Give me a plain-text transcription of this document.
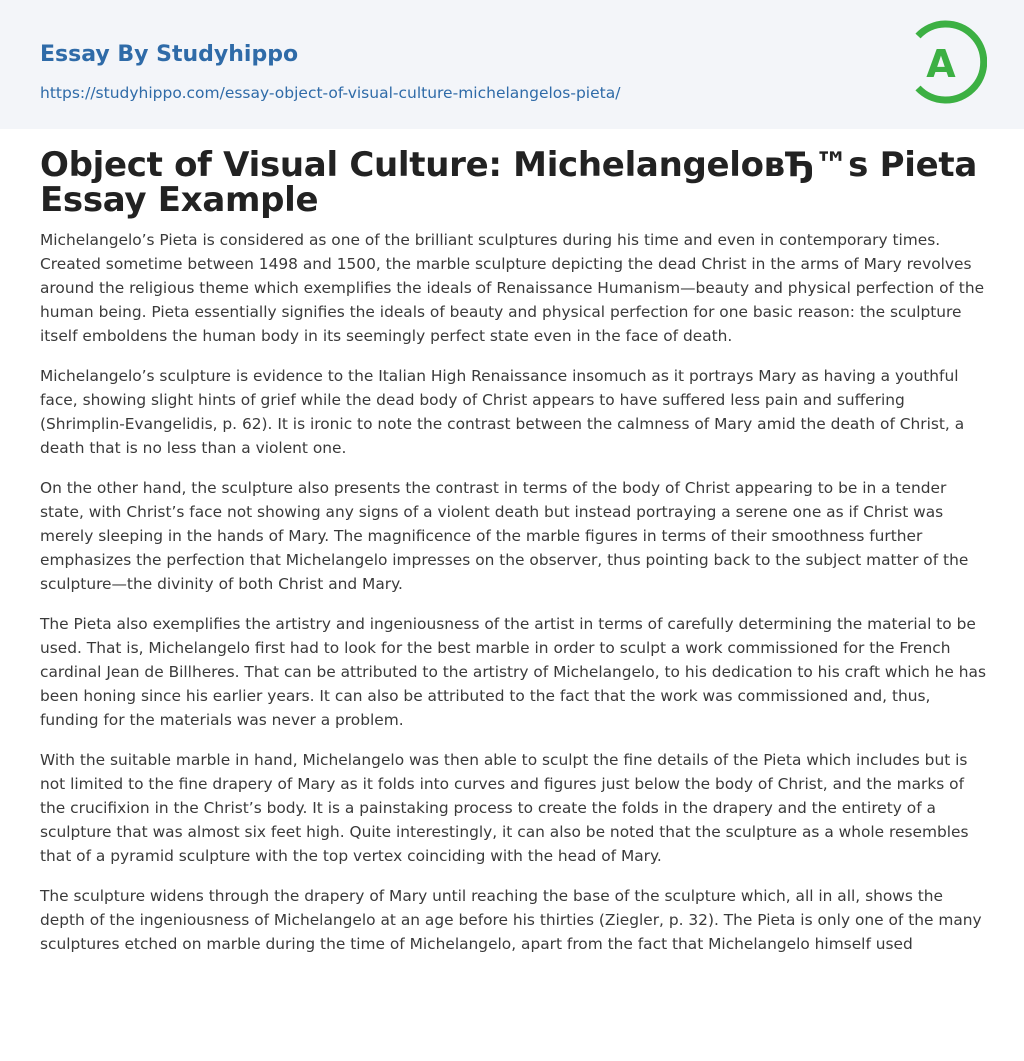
Essay By Studyhippo
https://studyhippo.com/essay-object-of-visual-culture-michelangelos-pieta/
A
Object of Visual Culture: MichelangeloвЂ™s Pieta Essay Example

Michelangelo’s Pieta is considered as one of the brilliant sculptures during his time and even in contemporary times. Created sometime between 1498 and 1500, the marble sculpture depicting the dead Christ in the arms of Mary revolves around the religious theme which exemplifies the ideals of Renaissance Humanism—beauty and physical perfection of the human being. Pieta essentially signifies the ideals of beauty and physical perfection for one basic reason: the sculpture itself emboldens the human body in its seemingly perfect state even in the face of death.

Michelangelo’s sculpture is evidence to the Italian High Renaissance insomuch as it portrays Mary as having a youthful face, showing slight hints of grief while the dead body of Christ appears to have suffered less pain and suffering (Shrimplin-Evangelidis, p. 62). It is ironic to note the contrast between the calmness of Mary amid the death of Christ, a death that is no less than a violent one.

On the other hand, the sculpture also presents the contrast in terms of the body of Christ appearing to be in a tender state, with Christ’s face not showing any signs of a violent death but instead portraying a serene one as if Christ was merely sleeping in the hands of Mary. The magnificence of the marble figures in terms of their smoothness further emphasizes the perfection that Michelangelo impresses on the observer, thus pointing back to the subject matter of the sculpture—the divinity of both Christ and Mary.

The Pieta also exemplifies the artistry and ingeniousness of the artist in terms of carefully determining the material to be used. That is, Michelangelo first had to look for the best marble in order to sculpt a work commissioned for the French cardinal Jean de Billheres. That can be attributed to the artistry of Michelangelo, to his dedication to his craft which he has been honing since his earlier years. It can also be attributed to the fact that the work was commissioned and, thus, funding for the materials was never a problem.

With the suitable marble in hand, Michelangelo was then able to sculpt the fine details of the Pieta which includes but is not limited to the fine drapery of Mary as it folds into curves and figures just below the body of Christ, and the marks of the crucifixion in the Christ’s body. It is a painstaking process to create the folds in the drapery and the entirety of a sculpture that was almost six feet high. Quite interestingly, it can also be noted that the sculpture as a whole resembles that of a pyramid sculpture with the top vertex coinciding with the head of Mary.

The sculpture widens through the drapery of Mary until reaching the base of the sculpture which, all in all, shows the depth of the ingeniousness of Michelangelo at an age before his thirties (Ziegler, p. 32). The Pieta is only one of the many sculptures etched on marble during the time of Michelangelo, apart from the fact that Michelangelo himself used
